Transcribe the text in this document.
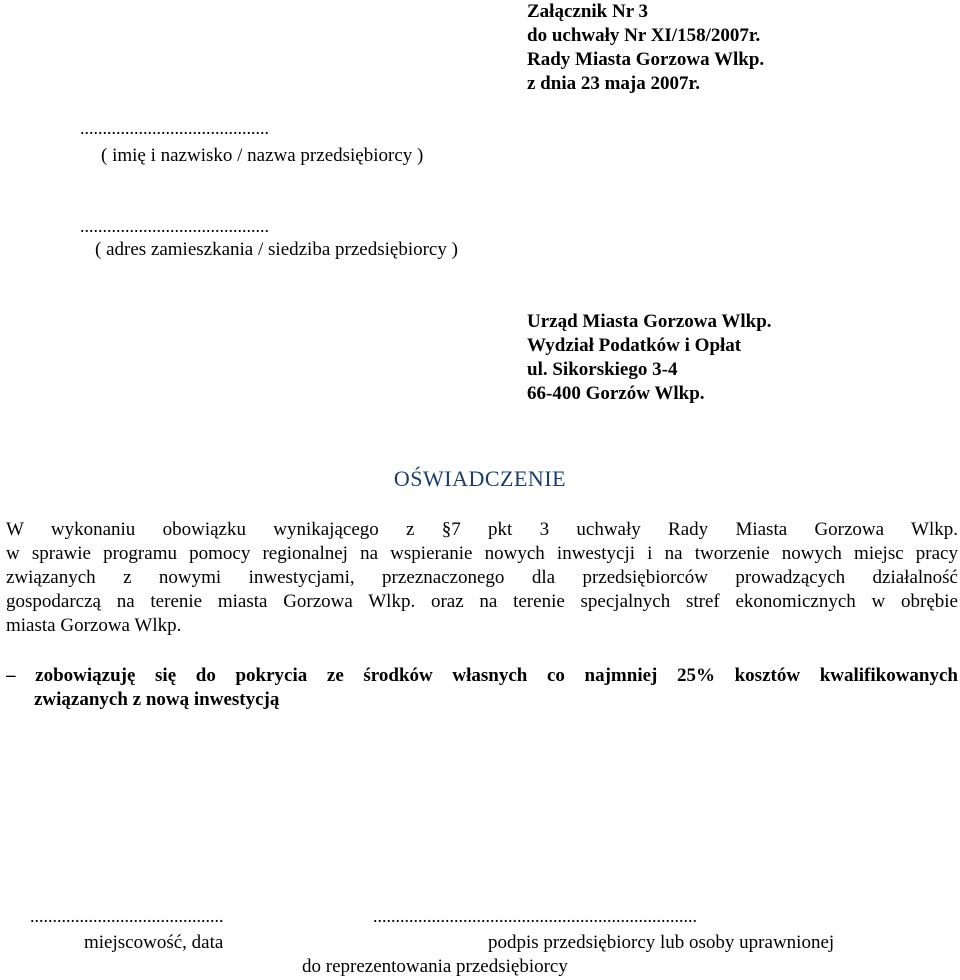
Załącznik Nr 3
do uchwały Nr XI/158/2007r.
Rady Miasta Gorzowa Wlkp.
z dnia 23 maja 2007r.
..........................................
( imię i nazwisko / nazwa przedsiębiorcy )
..........................................
( adres zamieszkania / siedziba przedsiębiorcy )
Urząd Miasta Gorzowa Wlkp.
Wydział Podatków i Opłat
ul. Sikorskiego 3-4
66-400 Gorzów Wlkp.
OŚWIADCZENIE
W wykonaniu obowiązku wynikającego z §7 pkt 3 uchwały Rady Miasta Gorzowa Wlkp.
w sprawie programu pomocy regionalnej na wspieranie nowych inwestycji i na tworzenie nowych miejsc pracy
związanych z nowymi inwestycjami, przeznaczonego dla przedsiębiorców prowadzących działalność
gospodarczą na terenie miasta Gorzowa Wlkp. oraz na terenie specjalnych stref ekonomicznych w obrębie
miasta Gorzowa Wlkp.
– zobowiązuję się do pokrycia ze środków własnych co najmniej 25% kosztów kwalifikowanych
związanych z nową inwestycją
...........................................
miejscowość, data
........................................................................
podpis przedsiębiorcy lub osoby uprawnionej
do reprezentowania przedsiębiorcy
